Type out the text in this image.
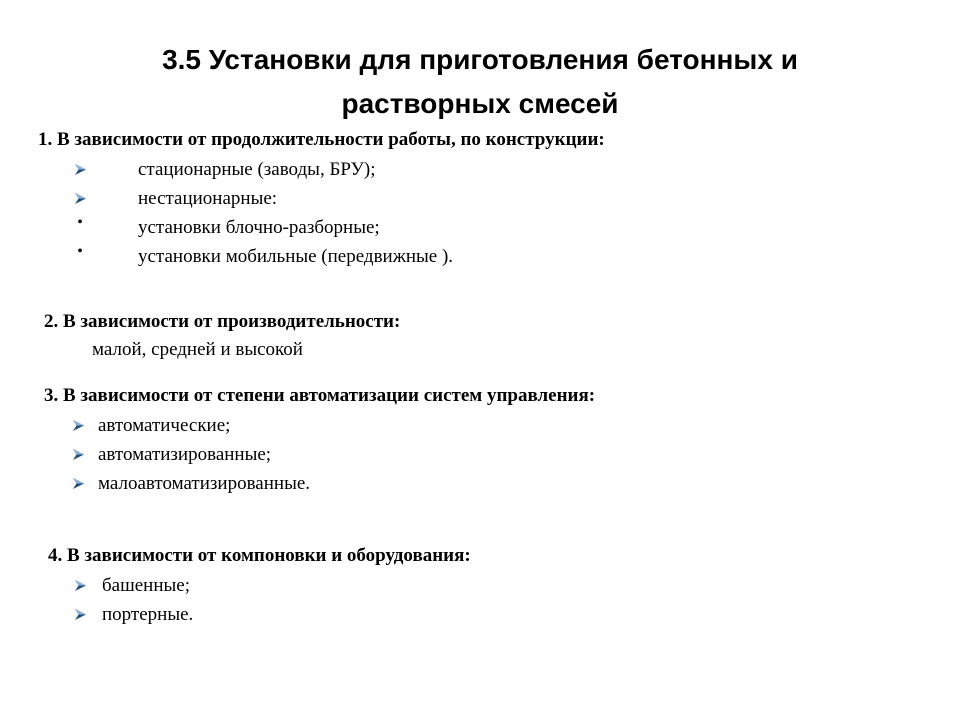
3.5 Установки для приготовления бетонных и
растворных смесей
1. В зависимости от продолжительности работы, по конструкции:
стационарные (заводы, БРУ);
нестационарные:
•	установки блочно-разборные;
•	установки мобильные (передвижные ).
2. В зависимости от производительности:
малой, средней и высокой
3. В зависимости от степени автоматизации систем управления:
автоматические;
автоматизированные;
малоавтоматизированные.
4. В зависимости от компоновки и оборудования:
башенные;
портерные.
